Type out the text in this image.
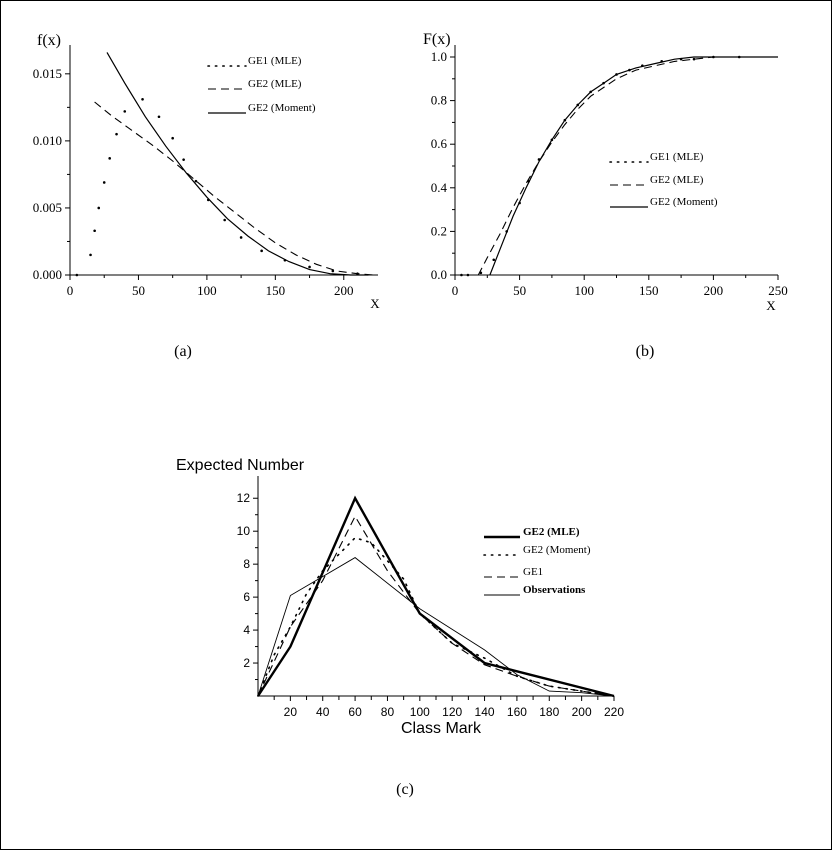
0.000
0.005
0.010
0.015
0	50	100	150	200
f(x)
X
(a)
GE1 (MLE)
GE2 (MLE)
GE2 (Moment)
0.0
0.2
0.4
0.6
0.8
1.0
0	50	100	150	200	250
F(x)
X
(b)
GE1 (MLE)
GE2 (MLE)
GE2 (Moment)
2
4
6
8
10
12
20 40 60 80 100 120 140 160 180 200 220
Expected Number
Class Mark
(c)
GE2 (MLE)
GE2 (Moment)
GE1
Observations
